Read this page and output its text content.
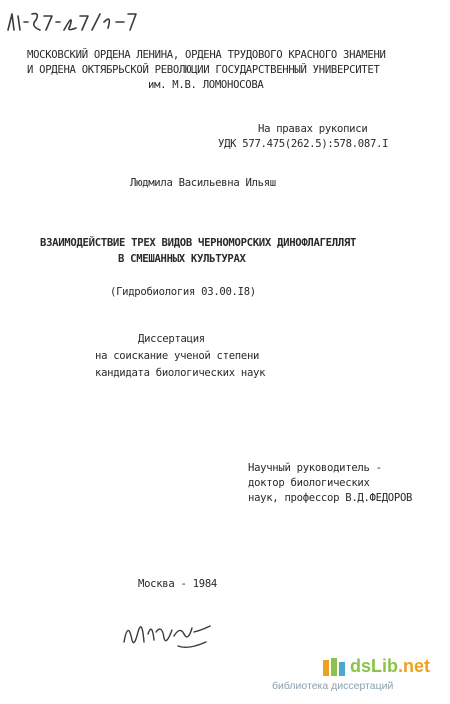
МОСКОВСКИЙ ОРДЕНА ЛЕНИНА, ОРДЕНА ТРУДОВОГО КРАСНОГО ЗНАМЕНИ
И ОРДЕНА ОКТЯБРЬСКОЙ РЕВОЛЮЦИИ ГОСУДАРСТВЕННЫЙ УНИВЕРСИТЕТ
им. М.В. ЛОМОНОСОВА
На правах рукописи
УДК 577.475(262.5):578.087.I
Людмила Васильевна Ильяш
ВЗАИМОДЕЙСТВИЕ ТРЕХ ВИДОВ ЧЕРНОМОРСКИХ ДИНОФЛАГЕЛЛЯТ
В СМЕШАННЫХ КУЛЬТУРАХ
(Гидробиология 03.00.I8)
Диссертация
на соискание ученой степени
кандидата биологических наук
Научный руководитель -
доктор биологических
наук, профессор В.Д.ФЕДОРОВ
Москва - 1984
dsLib.net
библиотека диссертаций
